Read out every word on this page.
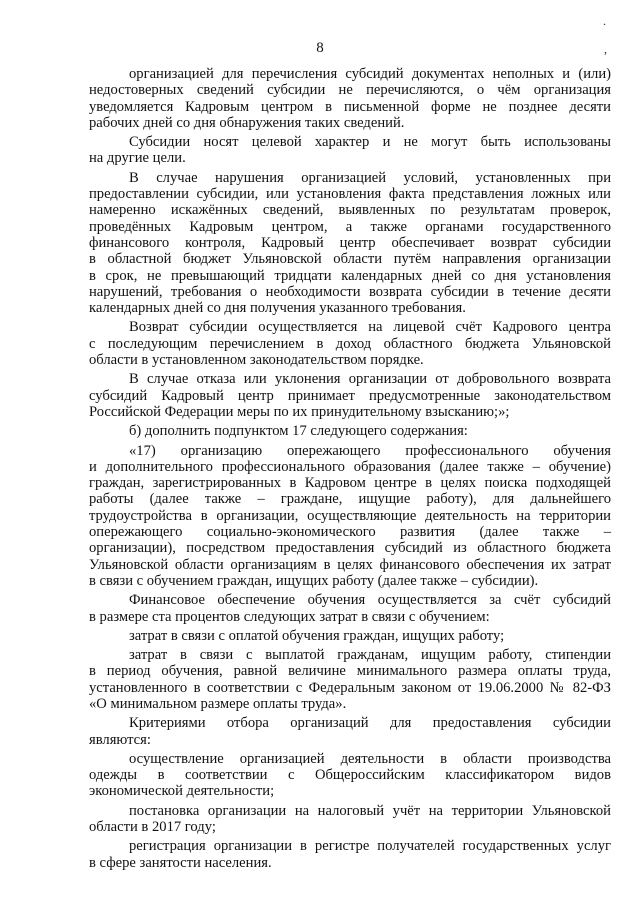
.
,
8
организацией для перечисления субсидий документах неполных и (или)
недостоверных сведений субсидии не перечисляются, о чём организация
уведомляется Кадровым центром в письменной форме не позднее десяти
рабочих дней со дня обнаружения таких сведений.
Субсидии носят целевой характер и не могут быть использованы
на другие цели.
В случае нарушения организацией условий, установленных при
предоставлении субсидии, или установления факта представления ложных или
намеренно искажённых сведений, выявленных по результатам проверок,
проведённых Кадровым центром, а также органами государственного
финансового контроля, Кадровый центр обеспечивает возврат субсидии
в областной бюджет Ульяновской области путём направления организации
в срок, не превышающий тридцати календарных дней со дня установления
нарушений, требования о необходимости возврата субсидии в течение десяти
календарных дней со дня получения указанного требования.
Возврат субсидии осуществляется на лицевой счёт Кадрового центра
с последующим перечислением в доход областного бюджета Ульяновской
области в установленном законодательством порядке.
В случае отказа или уклонения организации от добровольного возврата
субсидий Кадровый центр принимает предусмотренные законодательством
Российской Федерации меры по их принудительному взысканию;»;
б) дополнить подпунктом 17 следующего содержания:
«17) организацию опережающего профессионального обучения
и дополнительного профессионального образования (далее также – обучение)
граждан, зарегистрированных в Кадровом центре в целях поиска подходящей
работы (далее также – граждане, ищущие работу), для дальнейшего
трудоустройства в организации, осуществляющие деятельность на территории
опережающего социально-экономического развития (далее также –
организации), посредством предоставления субсидий из областного бюджета
Ульяновской области организациям в целях финансового обеспечения их затрат
в связи с обучением граждан, ищущих работу (далее также – субсидии).
Финансовое обеспечение обучения осуществляется за счёт субсидий
в размере ста процентов следующих затрат в связи с обучением:
затрат в связи с оплатой обучения граждан, ищущих работу;
затрат в связи с выплатой гражданам, ищущим работу, стипендии
в период обучения, равной величине минимального размера оплаты труда,
установленного в соответствии с Федеральным законом от 19.06.2000 № 82-ФЗ
«О минимальном размере оплаты труда».
Критериями отбора организаций для предоставления субсидии
являются:
осуществление организацией деятельности в области производства
одежды в соответствии с Общероссийским классификатором видов
экономической деятельности;
постановка организации на налоговый учёт на территории Ульяновской
области в 2017 году;
регистрация организации в регистре получателей государственных услуг
в сфере занятости населения.
